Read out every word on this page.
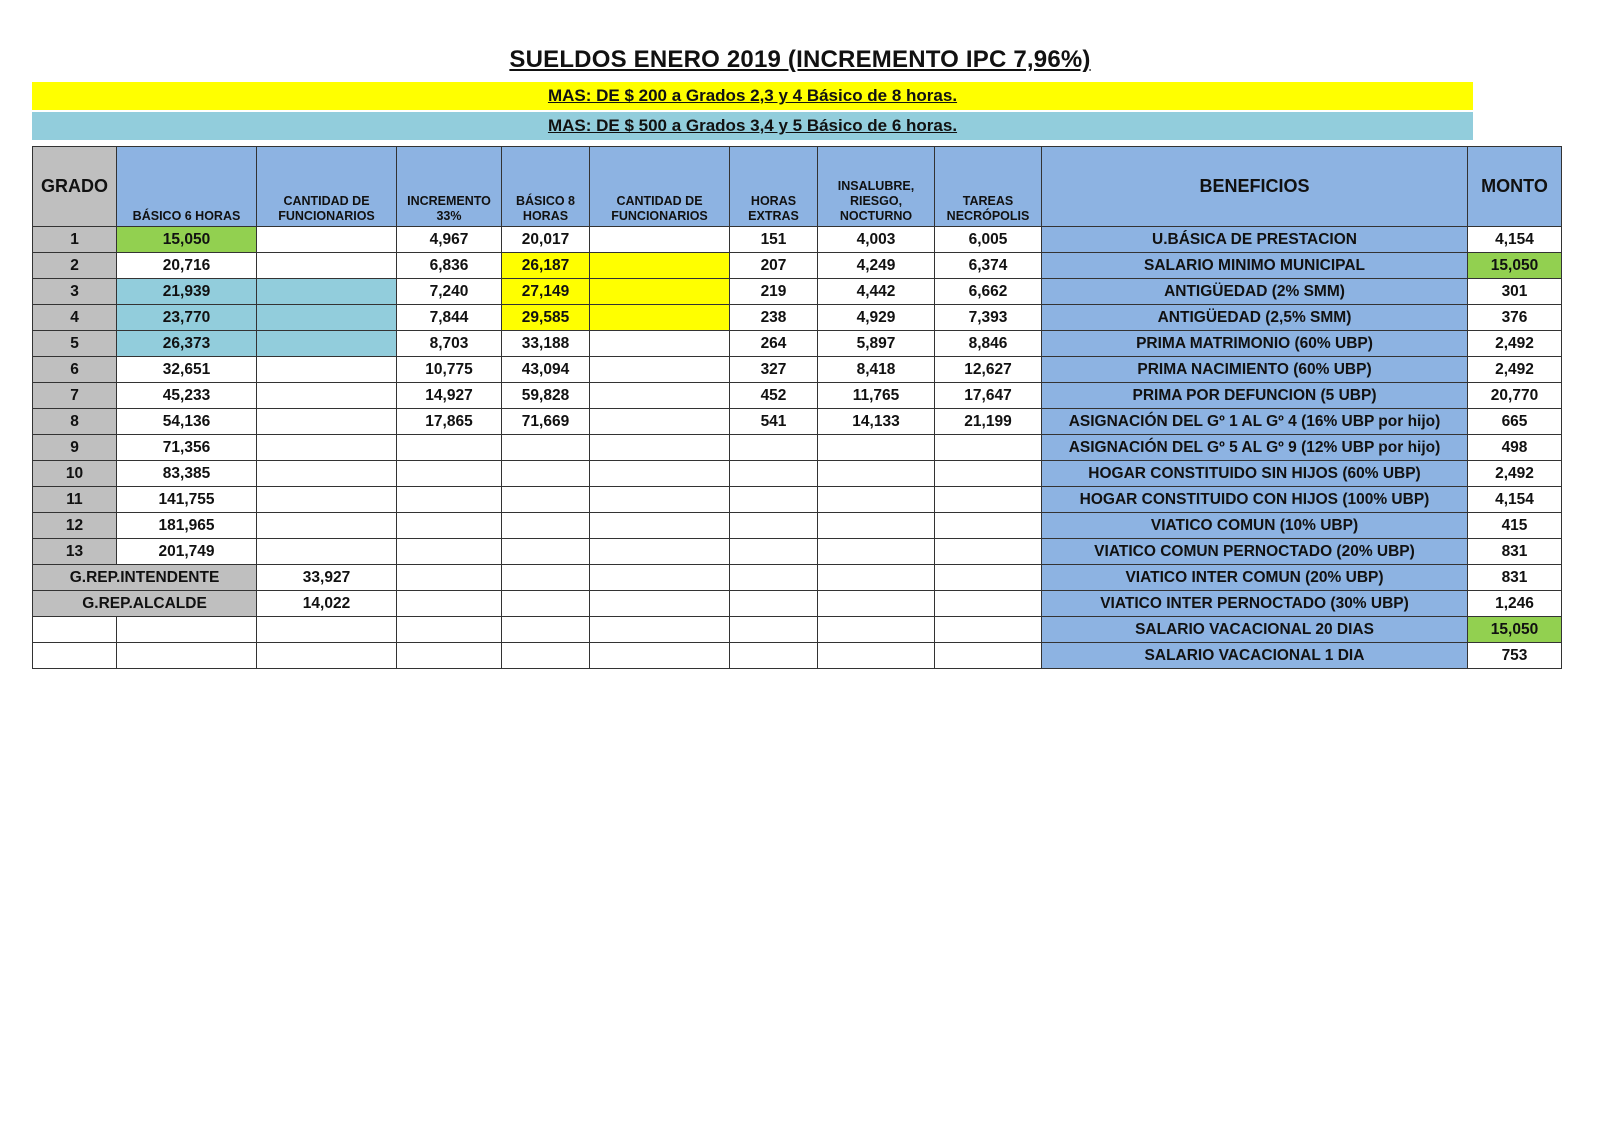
SUELDOS ENERO 2019 (INCREMENTO IPC 7,96%)
MAS: DE $ 200 a Grados 2,3 y 4 Básico de 8 horas.
MAS: DE $ 500 a Grados 3,4 y 5 Básico de 6 horas.
GRADO	BÁSICO 6 HORAS	CANTIDAD DE FUNCIONARIOS	INCREMENTO 33%	BÁSICO 8 HORAS	CANTIDAD DE FUNCIONARIOS	HORAS EXTRAS	INSALUBRE, RIESGO, NOCTURNO	TAREAS NECRÓPOLIS	BENEFICIOS	MONTO
1	15,050		4,967	20,017		151	4,003	6,005	U.BÁSICA DE PRESTACION	4,154
2	20,716		6,836	26,187		207	4,249	6,374	SALARIO MINIMO MUNICIPAL	15,050
3	21,939		7,240	27,149		219	4,442	6,662	ANTIGÜEDAD (2% SMM)	301
4	23,770		7,844	29,585		238	4,929	7,393	ANTIGÜEDAD (2,5% SMM)	376
5	26,373		8,703	33,188		264	5,897	8,846	PRIMA MATRIMONIO (60% UBP)	2,492
6	32,651		10,775	43,094		327	8,418	12,627	PRIMA NACIMIENTO (60% UBP)	2,492
7	45,233		14,927	59,828		452	11,765	17,647	PRIMA POR DEFUNCION (5 UBP)	20,770
8	54,136		17,865	71,669		541	14,133	21,199	ASIGNACIÓN DEL Gº 1 AL Gº 4 (16% UBP por hijo)	665
9	71,356								ASIGNACIÓN DEL Gº 5 AL Gº 9 (12% UBP por hijo)	498
10	83,385								HOGAR CONSTITUIDO SIN HIJOS (60% UBP)	2,492
11	141,755								HOGAR CONSTITUIDO CON HIJOS (100% UBP)	4,154
12	181,965								VIATICO COMUN (10% UBP)	415
13	201,749								VIATICO COMUN PERNOCTADO (20% UBP)	831
G.REP.INTENDENTE		33,927							VIATICO INTER COMUN (20% UBP)	831
G.REP.ALCALDE		14,022							VIATICO INTER PERNOCTADO (30% UBP)	1,246
									SALARIO VACACIONAL 20 DIAS	15,050
									SALARIO VACACIONAL 1 DIA	753
